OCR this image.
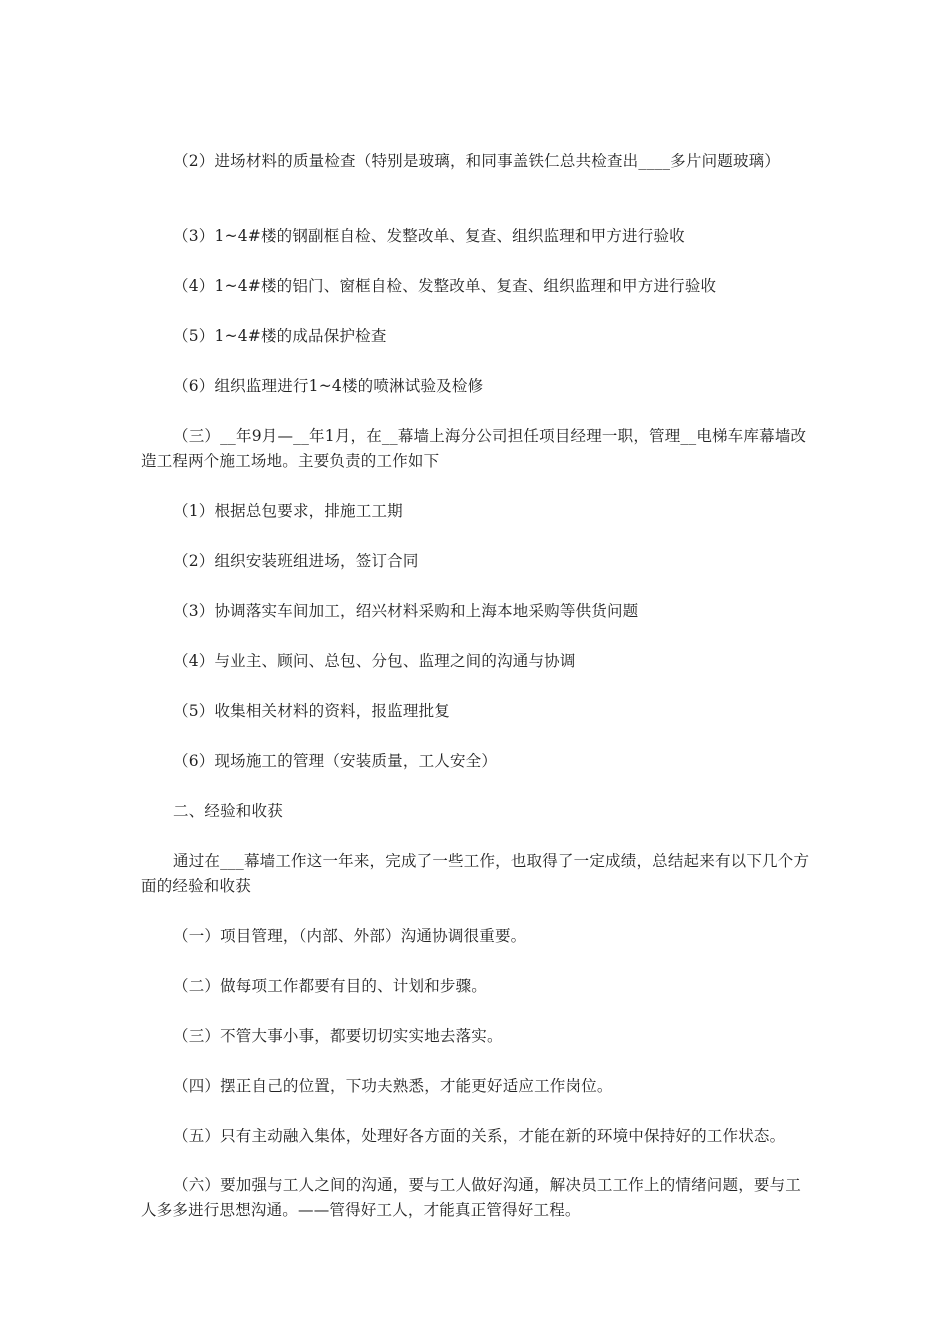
（2）进场材料的质量检查（特别是玻璃，和同事盖铁仁总共检查出____多片问题玻璃）

（3）1~4#楼的钢副框自检、发整改单、复查、组织监理和甲方进行验收

（4）1~4#楼的铝门、窗框自检、发整改单、复查、组织监理和甲方进行验收

（5）1~4#楼的成品保护检查

（6）组织监理进行1~4楼的喷淋试验及检修

（三）__年9月—__年1月，在__幕墙上海分公司担任项目经理一职，管理__电梯车库幕墙改造工程两个施工场地。主要负责的工作如下

（1）根据总包要求，排施工工期

（2）组织安装班组进场，签订合同

（3）协调落实车间加工，绍兴材料采购和上海本地采购等供货问题

（4）与业主、顾问、总包、分包、监理之间的沟通与协调

（5）收集相关材料的资料，报监理批复

（6）现场施工的管理（安装质量，工人安全）

二、经验和收获

通过在___幕墙工作这一年来，完成了一些工作，也取得了一定成绩，总结起来有以下几个方面的经验和收获

（一）项目管理，（内部、外部）沟通协调很重要。

（二）做每项工作都要有目的、计划和步骤。

（三）不管大事小事，都要切切实实地去落实。

（四）摆正自己的位置，下功夫熟悉，才能更好适应工作岗位。

（五）只有主动融入集体，处理好各方面的关系，才能在新的环境中保持好的工作状态。

（六）要加强与工人之间的沟通，要与工人做好沟通，解决员工工作上的情绪问题，要与工人多多进行思想沟通。——管得好工人，才能真正管得好工程。
